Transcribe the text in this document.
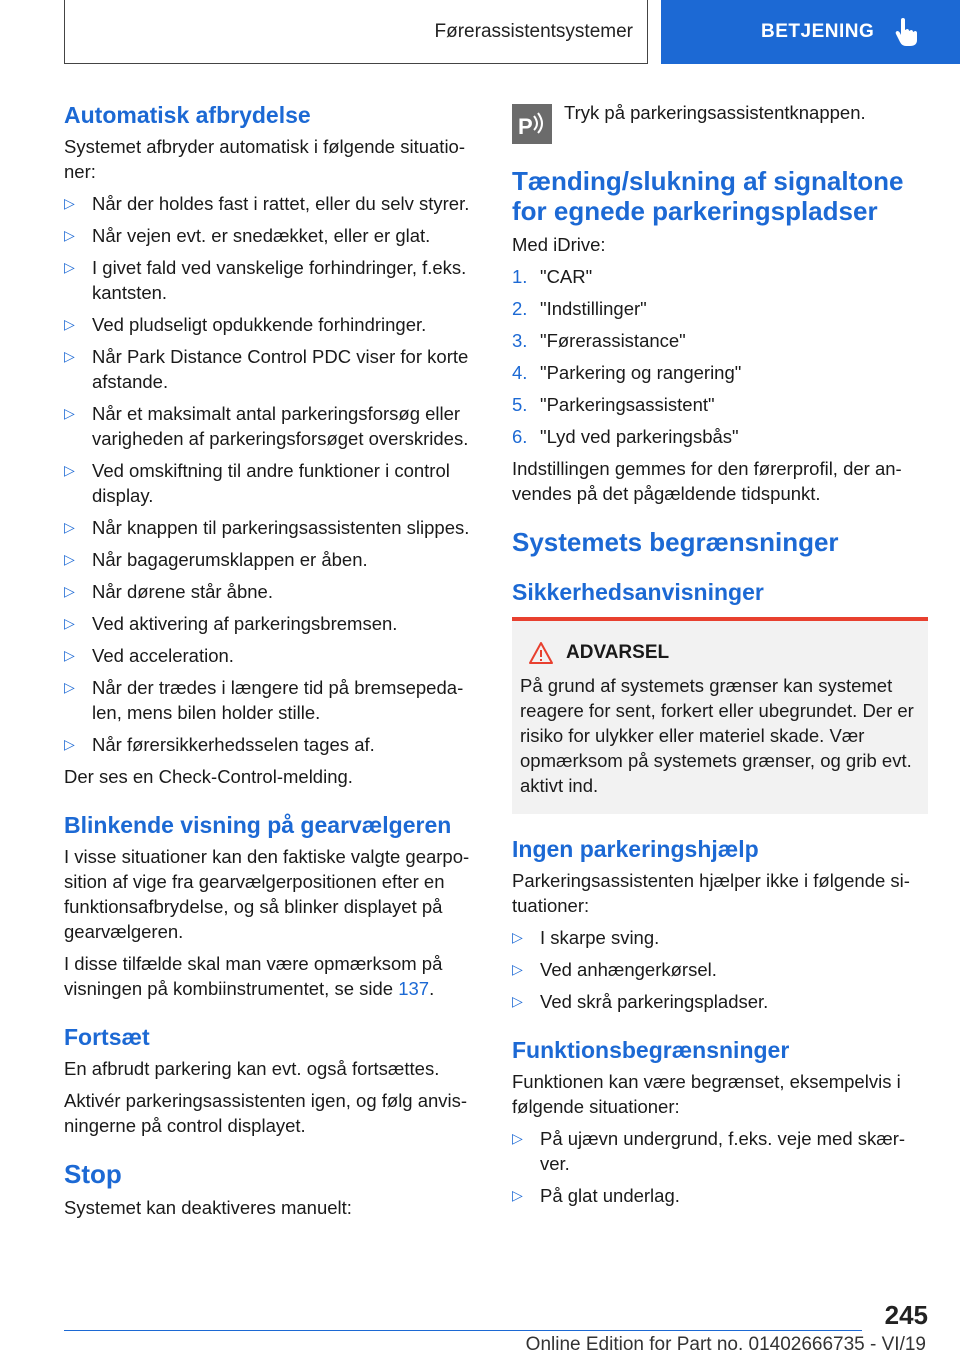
Førerassistentsystemer	BETJENING
Automatisk afbrydelse
Systemet afbryder automatisk i følgende situationer:
▷ Når der holdes fast i rattet, eller du selv styrer.
▷ Når vejen evt. er snedækket, eller er glat.
▷ I givet fald ved vanskelige forhindringer, f.eks. kantsten.
▷ Ved pludseligt opdukkende forhindringer.
▷ Når Park Distance Control PDC viser for korte afstande.
▷ Når et maksimalt antal parkeringsforsøg eller varigheden af parkeringsforsøget overskrides.
▷ Ved omskiftning til andre funktioner i control display.
▷ Når knappen til parkeringsassistenten slippes.
▷ Når bagagerumsklappen er åben.
▷ Når dørene står åbne.
▷ Ved aktivering af parkeringsbremsen.
▷ Ved acceleration.
▷ Når der trædes i længere tid på bremsepedalen, mens bilen holder stille.
▷ Når førersikkerhedsselen tages af.
Der ses en Check-Control-melding.
Blinkende visning på gearvælgeren
I visse situationer kan den faktiske valgte gearposition af vige fra gearvælgerpositionen efter en funktionsafbrydelse, og så blinker displayet på gearvælgeren.
I disse tilfælde skal man være opmærksom på visningen på kombiinstrumentet, se side 137.
Fortsæt
En afbrudt parkering kan evt. også fortsættes.
Aktivér parkeringsassistenten igen, og følg anvisningerne på control displayet.
Stop
Systemet kan deaktiveres manuelt:
P
Tryk på parkeringsassistentknappen.
Tænding/slukning af signaltone for egnede parkeringspladser
Med iDrive:
1. "CAR"
2. "Indstillinger"
3. "Førerassistance"
4. "Parkering og rangering"
5. "Parkeringsassistent"
6. "Lyd ved parkeringsbås"
Indstillingen gemmes for den førerprofil, der anvendes på det pågældende tidspunkt.
Systemets begrænsninger
Sikkerhedsanvisninger
ADVARSEL
På grund af systemets grænser kan systemet reagere for sent, forkert eller ubegrundet. Der er risiko for ulykker eller materiel skade. Vær opmærksom på systemets grænser, og grib evt. aktivt ind.
Ingen parkeringshjælp
Parkeringsassistenten hjælper ikke i følgende situationer:
▷ I skarpe sving.
▷ Ved anhængerkørsel.
▷ Ved skrå parkeringspladser.
Funktionsbegrænsninger
Funktionen kan være begrænset, eksempelvis i følgende situationer:
▷ På ujævn undergrund, f.eks. veje med skærver.
▷ På glat underlag.
245
Online Edition for Part no. 01402666735 - VI/19
